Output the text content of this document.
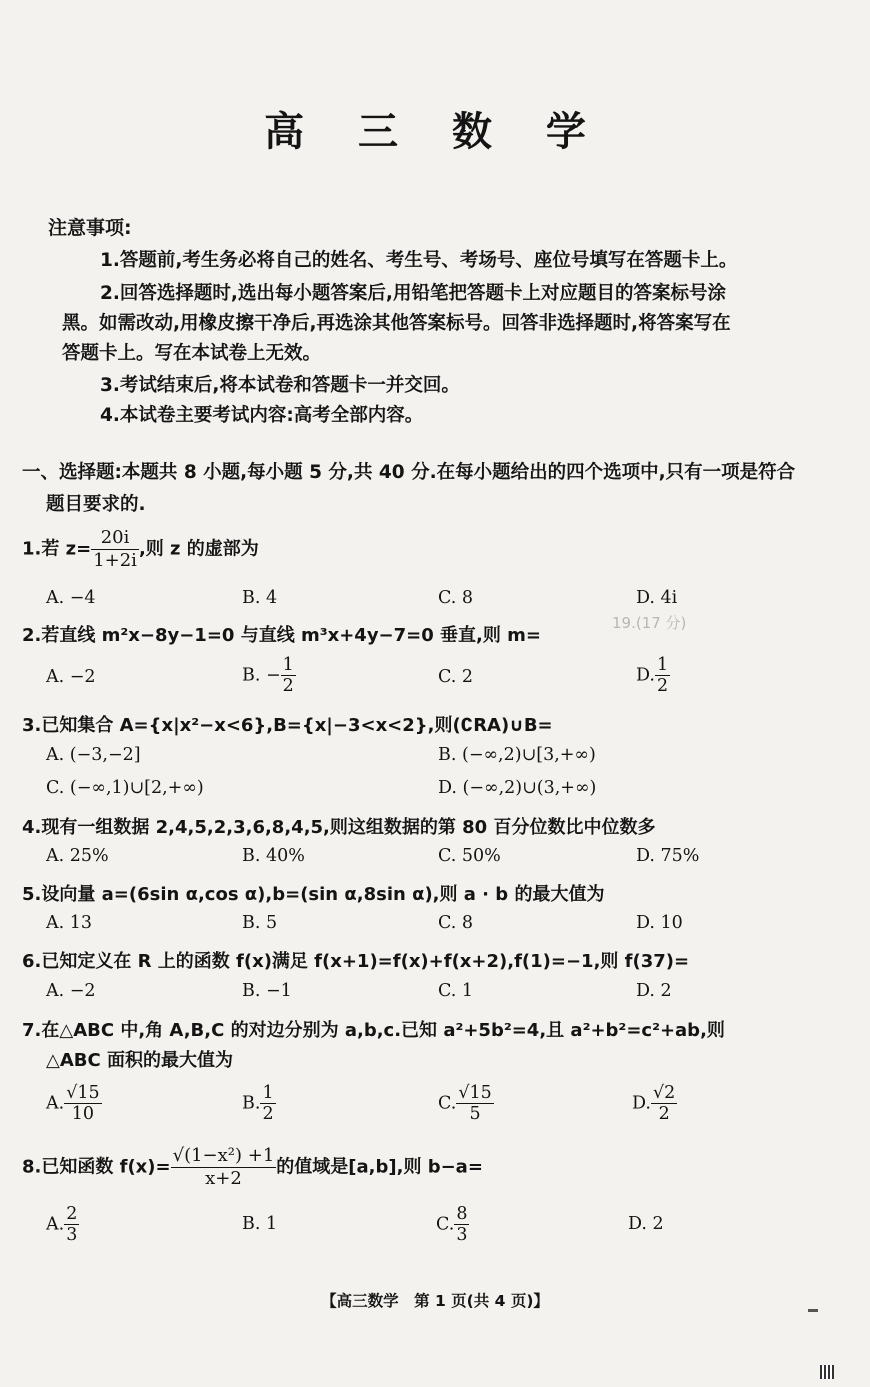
19.(17 分)
高 三 数 学
注意事项:
1.答题前,考生务必将自己的姓名、考生号、考场号、座位号填写在答题卡上。
2.回答选择题时,选出每小题答案后,用铅笔把答题卡上对应题目的答案标号涂
黑。如需改动,用橡皮擦干净后,再选涂其他答案标号。回答非选择题时,将答案写在
答题卡上。写在本试卷上无效。
3.考试结束后,将本试卷和答题卡一并交回。
4.本试卷主要考试内容:高考全部内容。
一、选择题:本题共 8 小题,每小题 5 分,共 40 分.在每小题给出的四个选项中,只有一项是符合
题目要求的.
1.若 $z= \frac{20i}{1+2i}$ ,则 z 的虚部为
A. −4	B. 4	C. 8	D. 4i
2.若直线 m²x−8y−1=0 与直线 m³x+4y−7=0 垂直,则 m=
A. −2	B. − $\frac{1}{2}$	C. 2	D. $\frac{1}{2}$
3.已知集合 A={x|x²−x<6},B={x|−3<x<2},则(∁RA)∪B=
A. (−3,−2]	B. (−∞,2)∪[3,+∞)
C. (−∞,1)∪[2,+∞)	D. (−∞,2)∪(3,+∞)
4.现有一组数据 2,4,5,2,3,6,8,4,5,则这组数据的第 80 百分位数比中位数多
A. 25%	B. 40%	C. 50%	D. 75%
5.设向量 a=(6sin α,cos α),b=(sin α,8sin α),则 a · b 的最大值为
A. 13	B. 5	C. 8	D. 10
6.已知定义在 R 上的函数 f(x)满足 f(x+1)=f(x)+f(x+2),f(1)=−1,则 f(37)=
A. −2	B. −1	C. 1	D. 2
7.在△ABC 中,角 A,B,C 的对边分别为 a,b,c.已知 a²+5b²=4,且 a²+b²=c²+ab,则
△ABC 面积的最大值为
A. $\frac{√15}{10}$	B. $\frac{1}{2}$	C. $\frac{√15}{5}$	D. $\frac{√2}{2}$
8.已知函数 $f(x)= \frac{\text{√(1−x²) +1}}{x+2}$ 的值域是[a,b],则 b−a=
A. $\frac{2}{3}$	B. 1	C. $\frac{8}{3}$	D. 2
【高三数学　第 1 页(共 4 页)】
